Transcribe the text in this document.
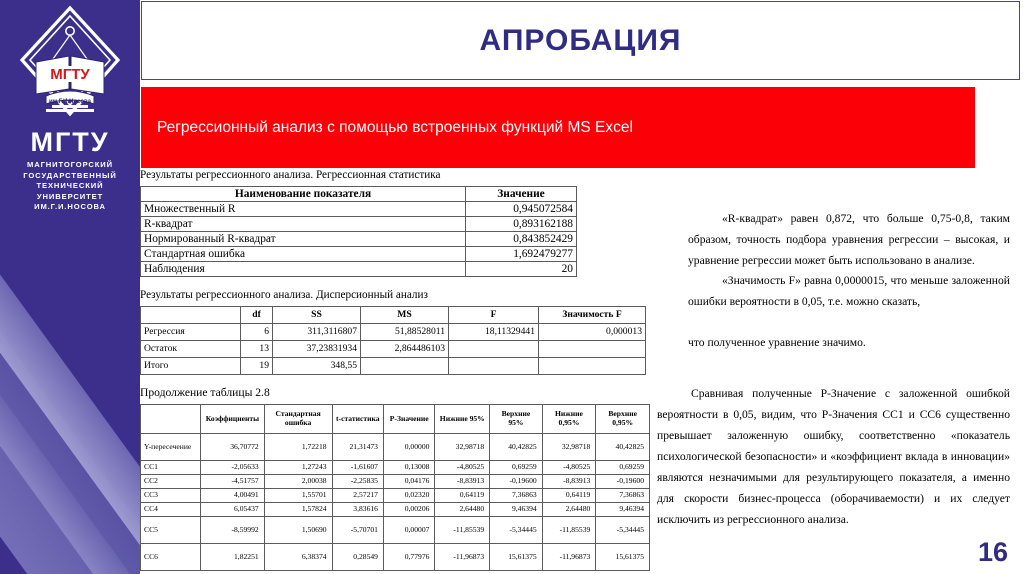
МГТУ
им.Г.И.Носова
МГТУ
МАГНИТОГОРСКИЙ
ГОСУДАРСТВЕННЫЙ
ТЕХНИЧЕСКИЙ
УНИВЕРСИТЕТ
ИМ.Г.И.НОСОВА
АПРОБАЦИЯ
Регрессионный анализ с помощью встроенных функций MS Excel
Результаты регрессионного анализа. Регрессионная статистика
Наименование показателя	Значение
Множественный R	0,945072584
R-квадрат	0,893162188
Нормированный R-квадрат	0,843852429
Стандартная ошибка	1,692479277
Наблюдения	20
Результаты регрессионного анализа. Дисперсионный анализ
	df	SS	MS	F	Значимость F
Регрессия	6	311,3116807	51,88528011	18,11329441	0,000013
Остаток	13	37,23831934	2,864486103		
Итого	19	348,55			
Продолжение таблицы 2.8
	Коэффициенты	Стандартная ошибка	t-статистика	P-Значение	Нижние 95%	Верхние 95%	Нижние 0,95%	Верхние 0,95%
Y-пересечение	36,70772	1,72218	21,31473	0,00000	32,98718	40,42825	32,98718	40,42825
CC1	-2,05633	1,27243	-1,61607	0,13008	-4,80525	0,69259	-4,80525	0,69259
CC2	-4,51757	2,00038	-2,25835	0,04176	-8,83913	-0,19600	-8,83913	-0,19600
CC3	4,00491	1,55701	2,57217	0,02320	0,64119	7,36863	0,64119	7,36863
CC4	6,05437	1,57824	3,83616	0,00206	2,64480	9,46394	2,64480	9,46394
CC5	-8,59992	1,50690	-5,70701	0,00007	-11,85539	-5,34445	-11,85539	-5,34445
CC6	1,82251	6,38374	0,28549	0,77976	-11,96873	15,61375	-11,96873	15,61375
«R-квадрат» равен 0,872, что больше 0,75-0,8, таким образом, точность подбора уравнения регрессии – высокая, и уравнение регрессии может быть использовано в анализе.
«Значимость F» равна 0,0000015, что меньше заложенной ошибки вероятности в 0,05, т.е. можно сказать,
что полученное уравнение значимо.
Сравнивая полученные Р-Значение с заложенной ошибкой вероятности в 0,05, видим, что Р-Значения СС1 и СС6 существенно превышает заложенную ошибку, соответственно «показатель психологической безопасности» и «коэффициент вклада в инновации» являются незначимыми для результирующего показателя, а именно для скорости бизнес-процесса (оборачиваемости) и их следует исключить из регрессионного анализа.
16
